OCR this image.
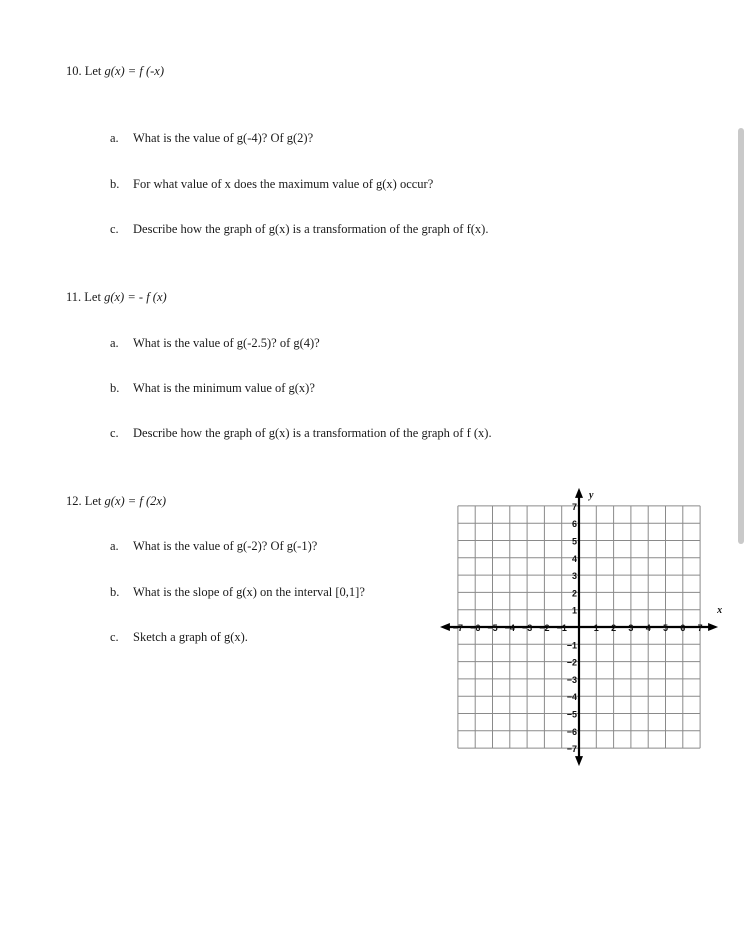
10. Let g(x) = f (-x)
a. What is the value of g(-4)? Of g(2)?
b. For what value of x does the maximum value of g(x) occur?
c. Describe how the graph of g(x) is a transformation of the graph of f(x).
11. Let g(x) = - f (x)
a. What is the value of g(-2.5)? of g(4)?
b. What is the minimum value of g(x)?
c. Describe how the graph of g(x) is a transformation of the graph of f (x).
12. Let g(x) = f (2x)
a. What is the value of g(-2)? Of g(-1)?
b. What is the slope of g(x) on the interval [0,1]?
c. Sketch a graph of g(x).
x
y
−7 −6 −5 −4 −3 −2 −1	1 2 3 4 5 6 7
7
6
5
4
3
2
1
−1
−2
−3
−4
−5
−6
−7
